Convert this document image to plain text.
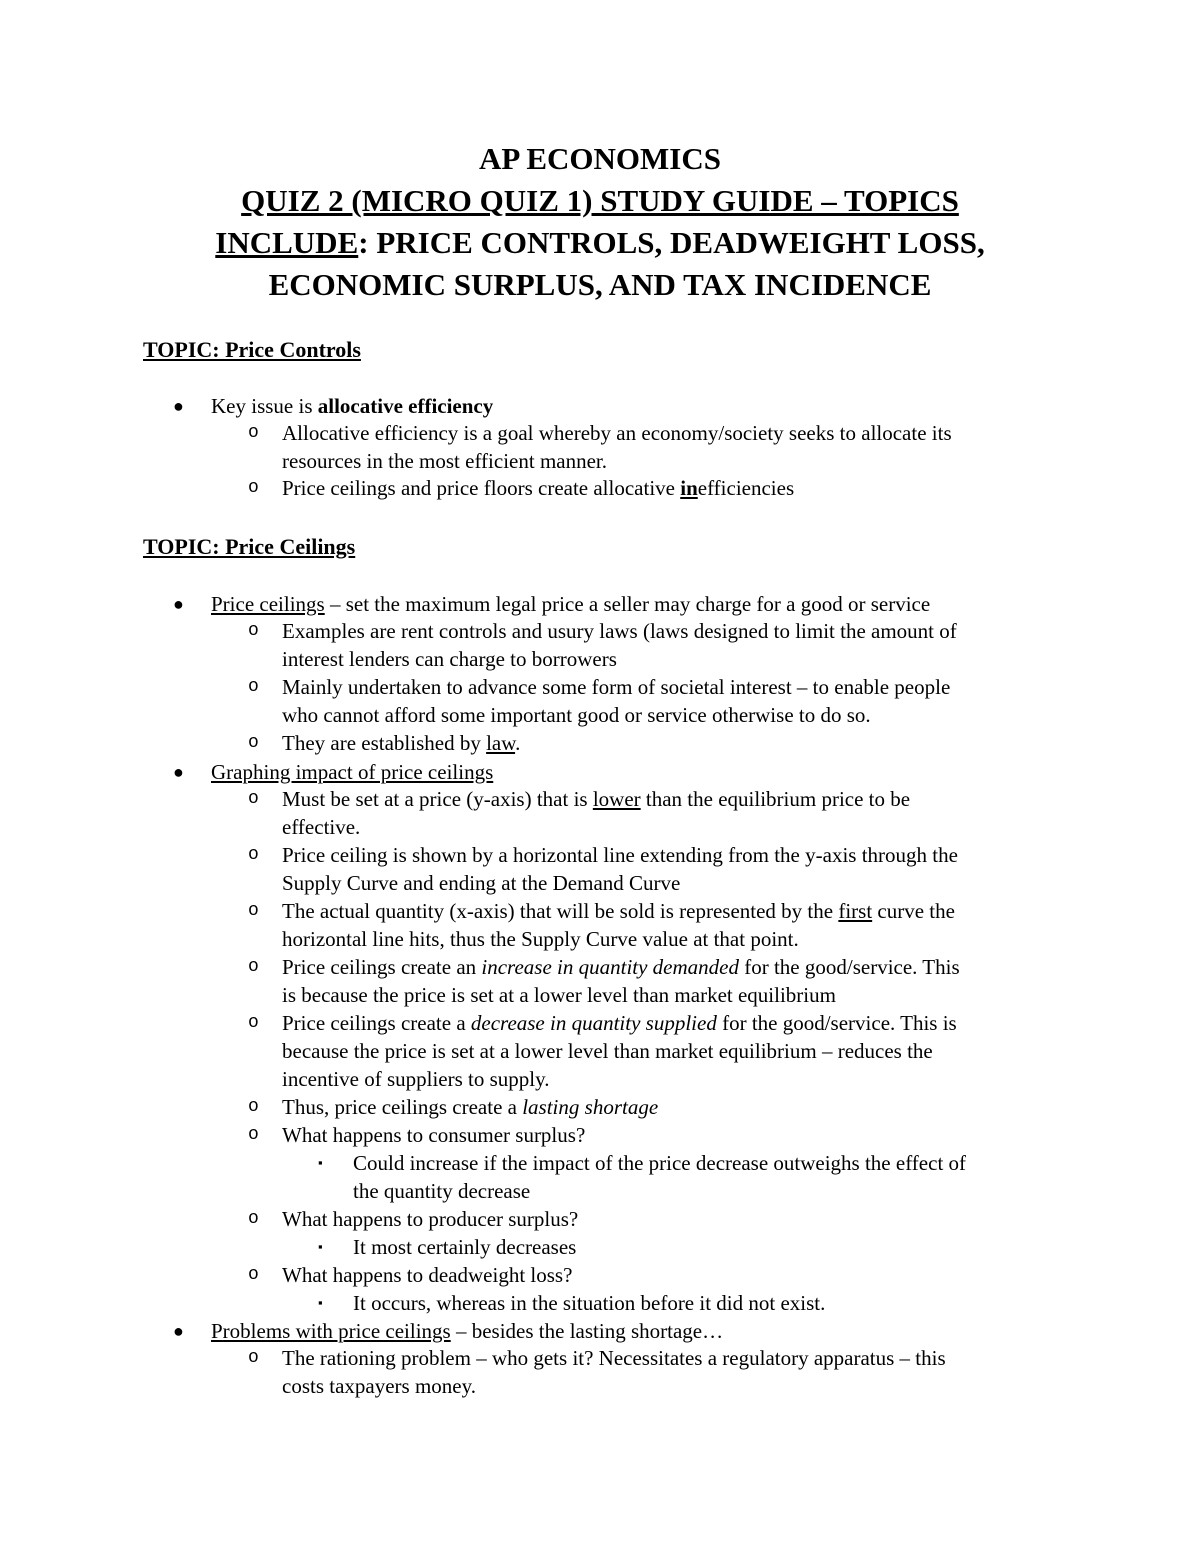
AP ECONOMICS
QUIZ 2 (MICRO QUIZ 1) STUDY GUIDE – TOPICS
INCLUDE: PRICE CONTROLS, DEADWEIGHT LOSS,
ECONOMIC SURPLUS, AND TAX INCIDENCE
TOPIC: Price Controls
● Key issue is allocative efficiency
o Allocative efficiency is a goal whereby an economy/society seeks to allocate its
resources in the most efficient manner.
o Price ceilings and price floors create allocative inefficiencies
TOPIC: Price Ceilings
● Price ceilings – set the maximum legal price a seller may charge for a good or service
o Examples are rent controls and usury laws (laws designed to limit the amount of
interest lenders can charge to borrowers
o Mainly undertaken to advance some form of societal interest – to enable people
who cannot afford some important good or service otherwise to do so.
o They are established by law.
● Graphing impact of price ceilings
o Must be set at a price (y-axis) that is lower than the equilibrium price to be
effective.
o Price ceiling is shown by a horizontal line extending from the y-axis through the
Supply Curve and ending at the Demand Curve
o The actual quantity (x-axis) that will be sold is represented by the first curve the
horizontal line hits, thus the Supply Curve value at that point.
o Price ceilings create an increase in quantity demanded for the good/service. This
is because the price is set at a lower level than market equilibrium
o Price ceilings create a decrease in quantity supplied for the good/service. This is
because the price is set at a lower level than market equilibrium – reduces the
incentive of suppliers to supply.
o Thus, price ceilings create a lasting shortage
o What happens to consumer surplus?
▪ Could increase if the impact of the price decrease outweighs the effect of
the quantity decrease
o What happens to producer surplus?
▪ It most certainly decreases
o What happens to deadweight loss?
▪ It occurs, whereas in the situation before it did not exist.
● Problems with price ceilings – besides the lasting shortage…
o The rationing problem – who gets it? Necessitates a regulatory apparatus – this
costs taxpayers money.
